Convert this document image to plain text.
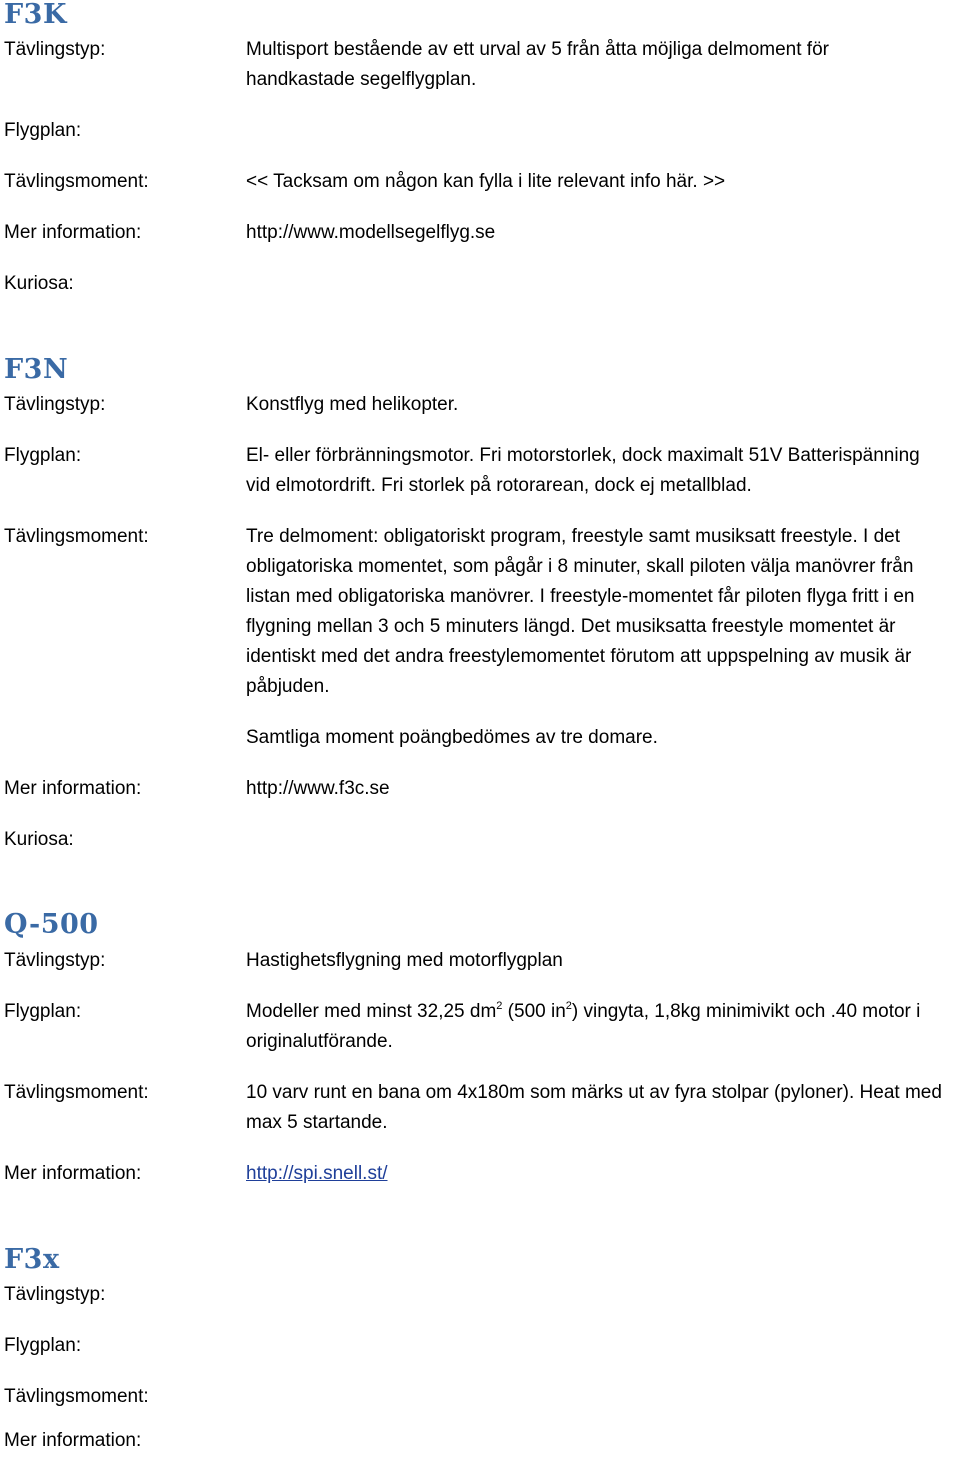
F3K
Tävlingstyp:	Multisport bestående av ett urval av 5 från åtta möjliga delmoment för
handkastade segelflygplan.
Flygplan:
Tävlingsmoment:	<< Tacksam om någon kan fylla i lite relevant info här. >>
Mer information:	http://www.modellsegelflyg.se
Kuriosa:
F3N
Tävlingstyp:	Konstflyg med helikopter.
Flygplan:	El- eller förbränningsmotor. Fri motorstorlek, dock maximalt 51V Batterispänning
vid elmotordrift. Fri storlek på rotorarean, dock ej metallblad.
Tävlingsmoment:	Tre delmoment: obligatoriskt program, freestyle samt musiksatt freestyle. I det
obligatoriska momentet, som pågår i 8 minuter, skall piloten välja manövrer från
listan med obligatoriska manövrer. I freestyle-momentet får piloten flyga fritt i en
flygning mellan 3 och 5 minuters längd. Det musiksatta freestyle momentet är
identiskt med det andra freestylemomentet förutom att uppspelning av musik är
påbjuden.
Samtliga moment poängbedömes av tre domare.
Mer information:	http://www.f3c.se
Kuriosa:
Q-500
Tävlingstyp:	Hastighetsflygning med motorflygplan
Flygplan:	Modeller med minst 32,25 $dm^2$ (500 $in^2$) vingyta, 1,8kg minimivikt och .40 motor i
originalutförande.
Tävlingsmoment:	10 varv runt en bana om 4x180m som märks ut av fyra stolpar (pyloner). Heat med
max 5 startande.
Mer information:	http://spi.snell.st/
F3x
Tävlingstyp:
Flygplan:
Tävlingsmoment:
Mer information:
